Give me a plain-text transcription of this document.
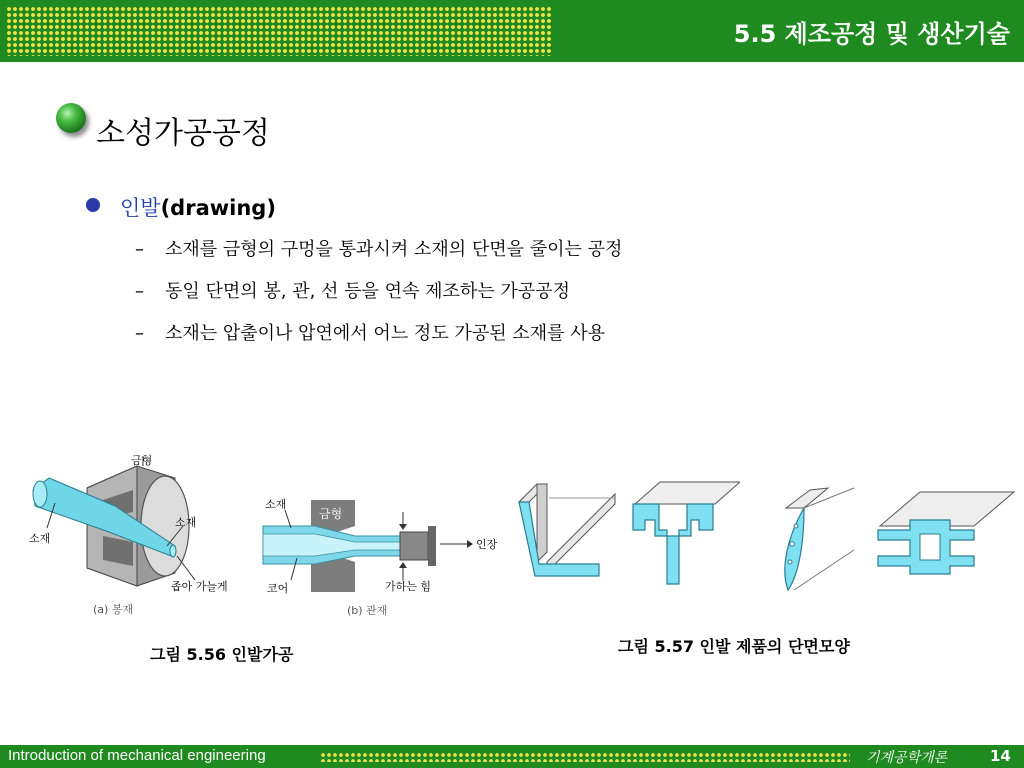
5.5 제조공정 및 생산기술
소성가공공정
인발(drawing)
– 소재를 금형의 구멍을 통과시켜 소재의 단면을 줄이는 공정
– 동일 단면의 봉, 관, 선 등을 연속 제조하는 가공공정
– 소재는 압출이나 압연에서 어느 정도 가공된 소재를 사용
금형
소재
소재
좁아 가늘게
(a) 봉재
금형
소재
인장
가하는 힘
코어
(b) 관재
그림 5.56 인발가공	그림 5.57 인발 제품의 단면모양
Introduction of mechanical engineering	기계공학개론	14
